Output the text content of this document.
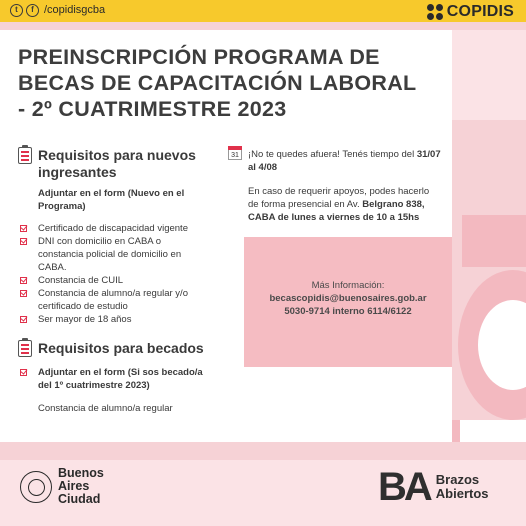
t	f /copidisgcba	COPIDIS
PREINSCRIPCIÓN PROGRAMA DE BECAS DE CAPACITACIÓN LABORAL - 2º CUATRIMESTRE 2023
Requisitos para nuevos ingresantes
Adjuntar en el form (Nuevo en el Programa)
Certificado de discapacidad vigente
DNI con domicilio en CABA o constancia policial de domicilio en CABA.
Constancia de CUIL
Constancia de alumno/a regular y/o certificado de estudio
Ser mayor de 18 años
Requisitos para becados
Adjuntar en el form (Si sos becado/a del 1º cuatrimestre 2023)
Constancia de alumno/a regular
31 ¡No te quedes afuera! Tenés tiempo del 31/07 al 4/08
En caso de requerir apoyos, podes hacerlo de forma presencial en Av. Belgrano 838, CABA de lunes a viernes de 10 a 15hs
Más Información:
becascopidis@buenosaires.gob.ar
5030-9714 interno 6114/6122
Buenos
Aires
Ciudad	BA Brazos
Abiertos
